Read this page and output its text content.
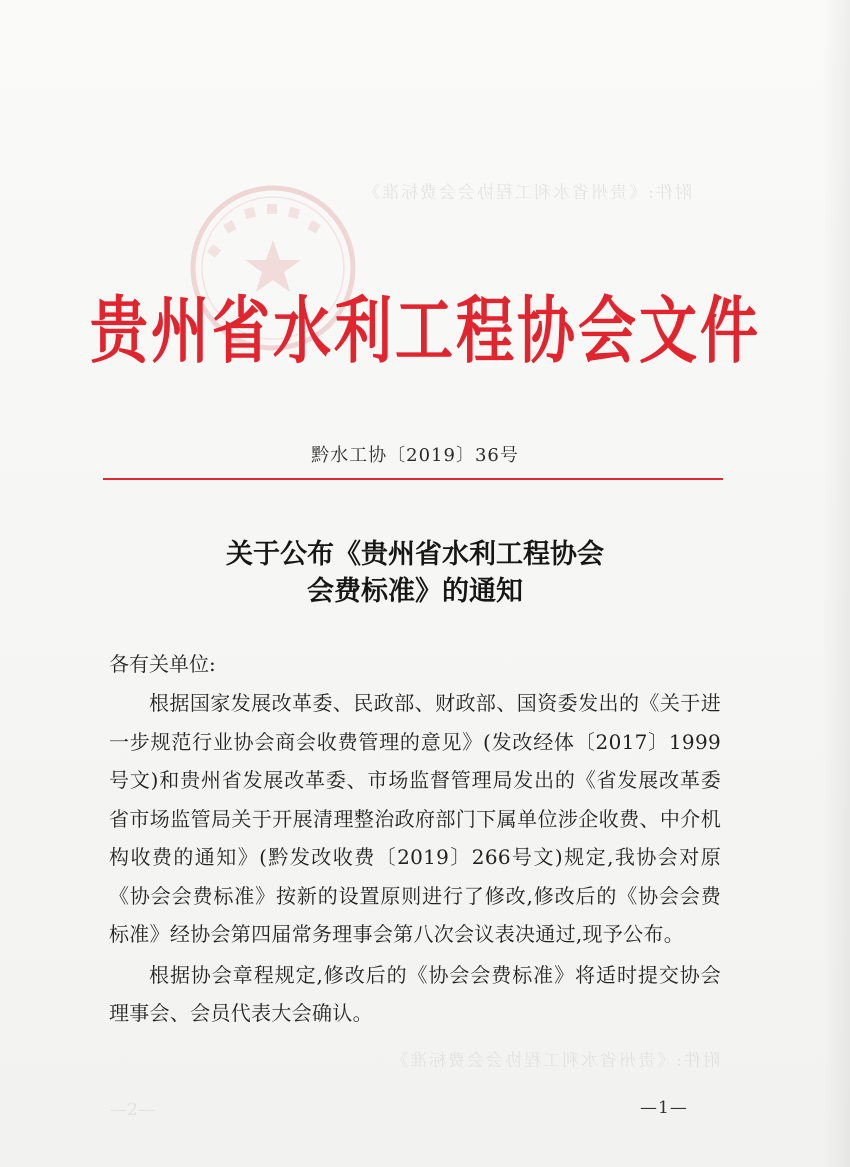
附件:《贵州省水利工程协会会费标准》
贵州省水利工程协会文件
黔水工协〔2019〕36号
关于公布《贵州省水利工程协会
会费标准》的通知
各有关单位:

根据国家发展改革委、民政部、财政部、国资委发出的《关于进一步规范行业协会商会收费管理的意见》(发改经体〔2017〕1999号文)和贵州省发展改革委、市场监督管理局发出的《省发展改革委 省市场监管局关于开展清理整治政府部门下属单位涉企收费、中介机构收费的通知》(黔发改收费〔2019〕266号文)规定,我协会对原《协会会费标准》按新的设置原则进行了修改,修改后的《协会会费标准》经协会第四届常务理事会第八次会议表决通过,现予公布。

根据协会章程规定,修改后的《协会会费标准》将适时提交协会理事会、会员代表大会确认。

附件:《贵州省水利工程协会会费标准》
—2—	—1—
